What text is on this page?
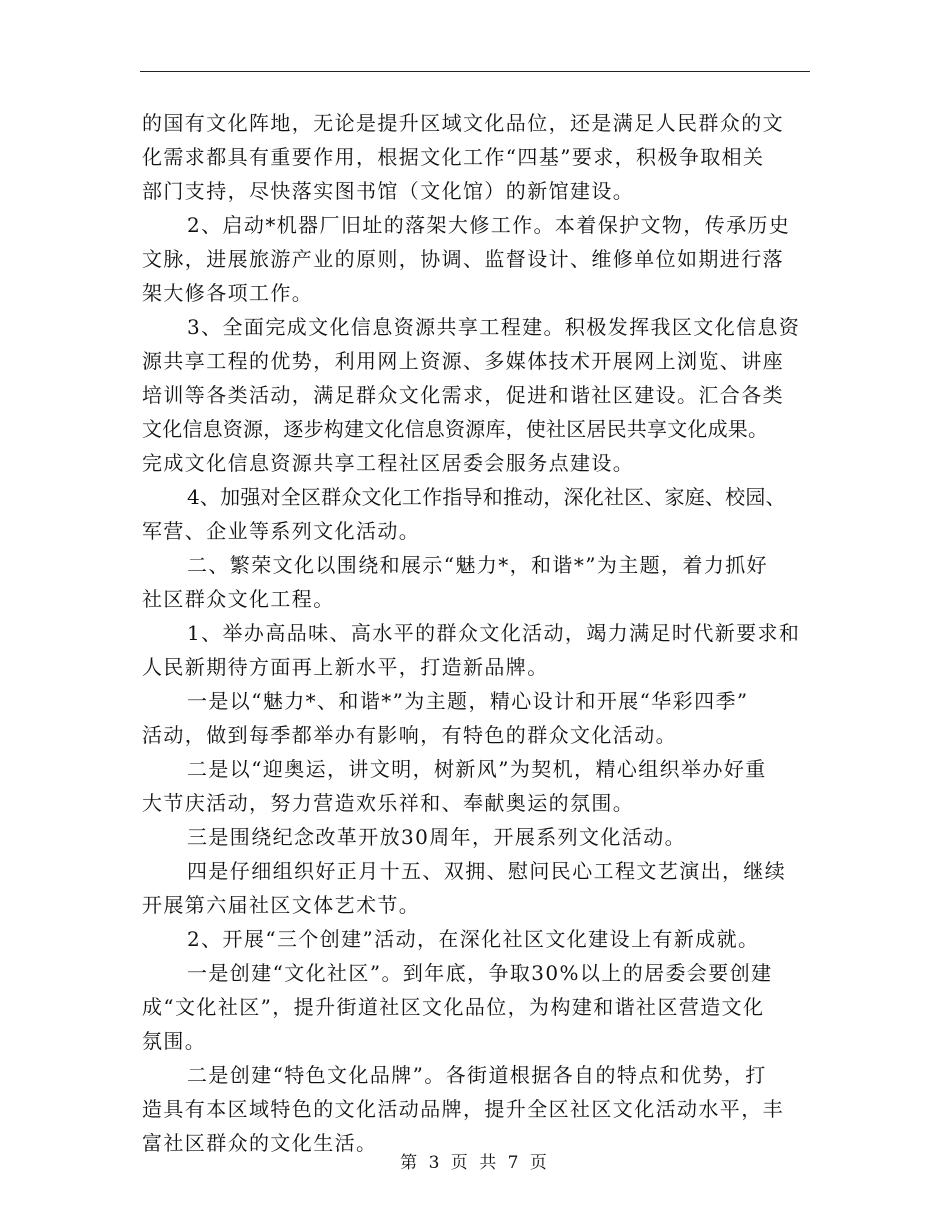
的国有文化阵地，无论是提升区域文化品位，还是满足人民群众的文
化需求都具有重要作用，根据文化工作“四基”要求，积极争取相关
部门支持，尽快落实图书馆（文化馆）的新馆建设。
2、启动*机器厂旧址的落架大修工作。本着保护文物，传承历史
文脉，进展旅游产业的原则，协调、监督设计、维修单位如期进行落
架大修各项工作。
3、全面完成文化信息资源共享工程建。积极发挥我区文化信息资
源共享工程的优势，利用网上资源、多媒体技术开展网上浏览、讲座
培训等各类活动，满足群众文化需求，促进和谐社区建设。汇合各类
文化信息资源，逐步构建文化信息资源库，使社区居民共享文化成果。
完成文化信息资源共享工程社区居委会服务点建设。
4、加强对全区群众文化工作指导和推动，深化社区、家庭、校园、
军营、企业等系列文化活动。
二、繁荣文化以围绕和展示“魅力*，和谐*”为主题，着力抓好
社区群众文化工程。
1、举办高品味、高水平的群众文化活动，竭力满足时代新要求和
人民新期待方面再上新水平，打造新品牌。
一是以“魅力*、和谐*”为主题，精心设计和开展“华彩四季”
活动，做到每季都举办有影响，有特色的群众文化活动。
二是以“迎奥运，讲文明，树新风”为契机，精心组织举办好重
大节庆活动，努力营造欢乐祥和、奉献奥运的氛围。
三是围绕纪念改革开放30周年，开展系列文化活动。
四是仔细组织好正月十五、双拥、慰问民心工程文艺演出，继续
开展第六届社区文体艺术节。
2、开展“三个创建”活动，在深化社区文化建设上有新成就。
一是创建“文化社区”。到年底，争取30%以上的居委会要创建
成“文化社区”，提升街道社区文化品位，为构建和谐社区营造文化
氛围。
二是创建“特色文化品牌”。各街道根据各自的特点和优势，打
造具有本区域特色的文化活动品牌，提升全区社区文化活动水平，丰
富社区群众的文化生活。
第 3 页 共 7 页
